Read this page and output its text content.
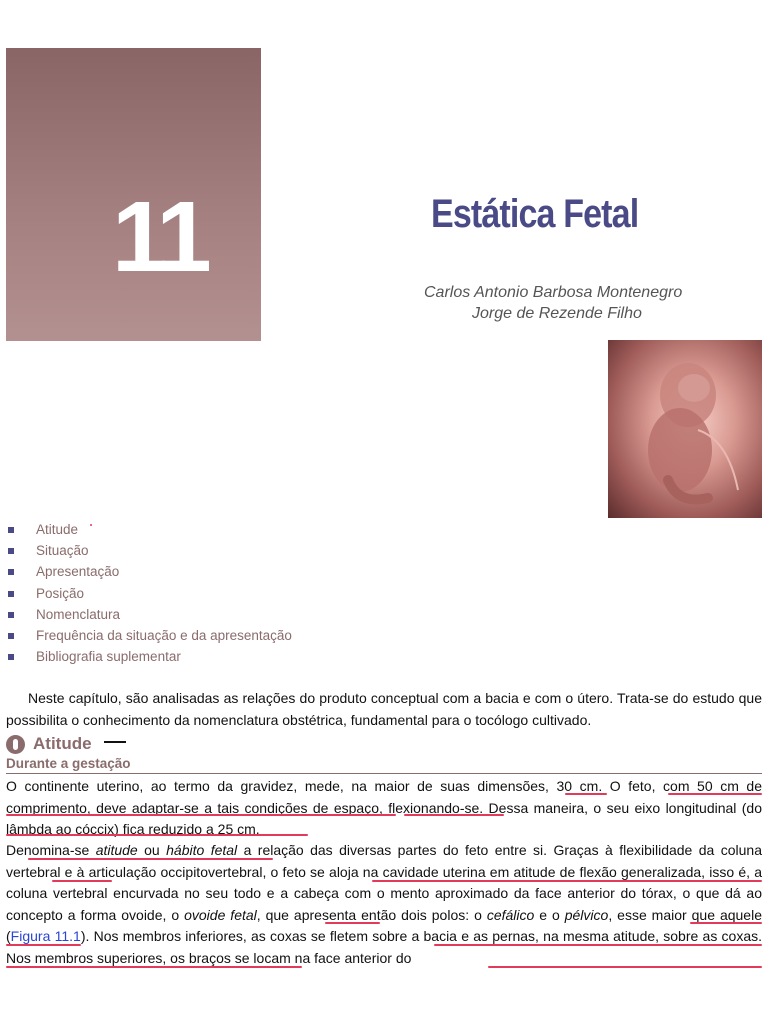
11	Estática Fetal
Carlos Antonio Barbosa Montenegro
Jorge de Rezende Filho
Atitude
Situação
Apresentação
Posição
Nomenclatura
Frequência da situação e da apresentação
Bibliografia suplementar
Neste capítulo, são analisadas as relações do produto conceptual com a bacia e com o útero. Trata-se do estudo que possibilita o conhecimento da nomenclatura obstétrica, fundamental para o tocólogo cultivado.
Atitude
Durante a gestação
O continente uterino, ao termo da gravidez, mede, na maior de suas dimensões, 30 cm. O feto, com 50 cm de comprimento, deve adaptar-se a tais condições de espaço, flexionando-se. Dessa maneira, o seu eixo longitudinal (do lâmbda ao cóccix) fica reduzido a 25 cm.
Denomina-se atitude ou hábito fetal a relação das diversas partes do feto entre si. Graças à flexibilidade da coluna vertebral e à articulação occipitovertebral, o feto se aloja na cavidade uterina em atitude de flexão generalizada, isso é, a coluna vertebral encurvada no seu todo e a cabeça com o mento aproximado da face anterior do tórax, o que dá ao concepto a forma ovoide, o ovoide fetal, que apresenta então dois polos: o cefálico e o pélvico, esse maior que aquele (Figura 11.1). Nos membros inferiores, as coxas se fletem sobre a bacia e as pernas, na mesma atitude, sobre as coxas. Nos membros superiores, os braços se locam na face anterior do
